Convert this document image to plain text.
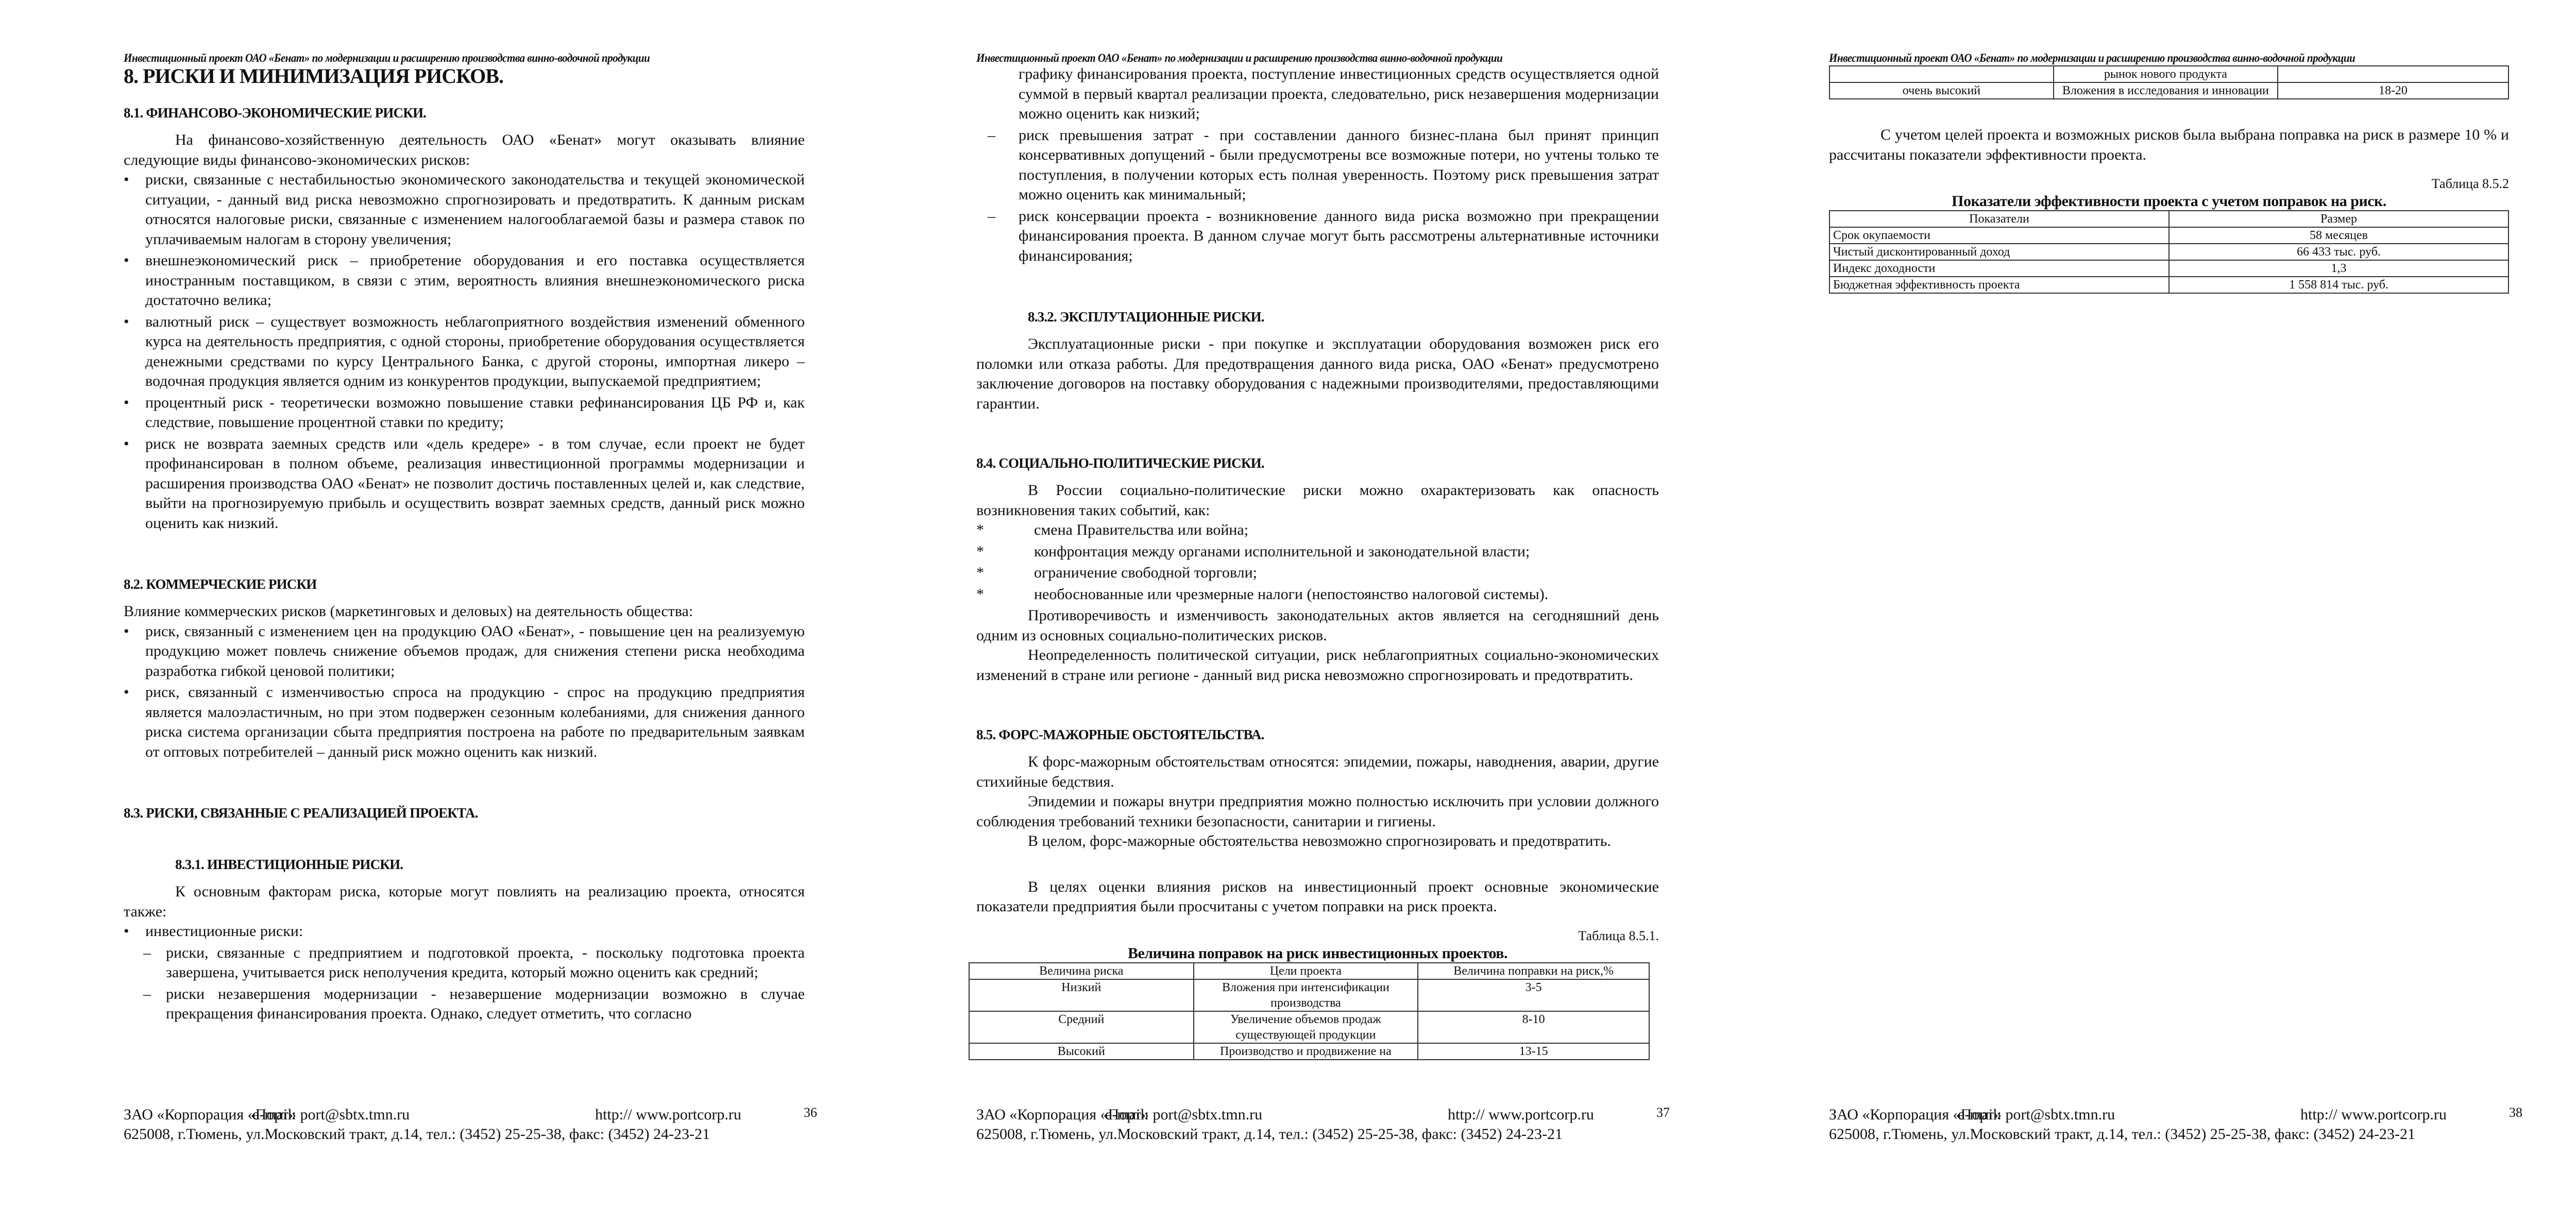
Инвестиционный проект ОАО «Бенат» по модернизации и расширению производства винно-водочной продукции
8. РИСКИ И МИНИМИЗАЦИЯ РИСКОВ.
8.1. ФИНАНСОВО-ЭКОНОМИЧЕСКИЕ РИСКИ.

На финансово-хозяйственную деятельность ОАО «Бенат» могут оказывать влияние следующие виды финансово-экономических рисков:

•	риски, связанные с нестабильностью экономического законодательства и текущей экономической ситуации, - данный вид риска невозможно спрогнозировать и предотвратить. К данным рискам относятся налоговые риски, связанные с изменением налогооблагаемой базы и размера ставок по уплачиваемым налогам в сторону увеличения;
•	внешнеэкономический риск – приобретение оборудования и его поставка осуществляется иностранным поставщиком, в связи с этим, вероятность влияния внешнеэкономического риска достаточно велика;
•	валютный риск – существует возможность неблагоприятного воздействия изменений обменного курса на деятельность предприятия, с одной стороны, приобретение оборудования осуществляется денежными средствами по курсу Центрального Банка, с другой стороны, импортная ликеро – водочная продукция является одним из конкурентов продукции, выпускаемой предприятием;
•	процентный риск - теоретически возможно повышение ставки рефинансирования ЦБ РФ и, как следствие, повышение процентной ставки по кредиту;
•	риск не возврата заемных средств или «дель кредере» - в том случае, если проект не будет профинансирован в полном объеме, реализация инвестиционной программы модернизации и расширения производства ОАО «Бенат» не позволит достичь поставленных целей и, как следствие, выйти на прогнозируемую прибыль и осуществить возврат заемных средств, данный риск можно оценить как низкий.
8.2. КОММЕРЧЕСКИЕ РИСКИ

Влияние коммерческих рисков (маркетинговых и деловых) на деятельность общества:

•	риск, связанный с изменением цен на продукцию ОАО «Бенат», - повышение цен на реализуемую продукцию может повлечь снижение объемов продаж, для снижения степени риска необходима разработка гибкой ценовой политики;
•	риск, связанный с изменчивостью спроса на продукцию - спрос на продукцию предприятия является малоэластичным, но при этом подвержен сезонным колебаниями, для снижения данного риска система организации сбыта предприятия построена на работе по предварительным заявкам от оптовых потребителей – данный риск можно оценить как низкий.
8.3. РИСКИ, СВЯЗАННЫЕ С РЕАЛИЗАЦИЕЙ ПРОЕКТА.
8.3.1. ИНВЕСТИЦИОННЫЕ РИСКИ.

К основным факторам риска, которые могут повлиять на реализацию проекта, относятся также:

•	инвестиционные риски:
– риски, связанные с предприятием и подготовкой проекта, - поскольку подготовка проекта завершена, учитывается риск неполучения кредита, который можно оценить как средний;
– риски незавершения модернизации - незавершение модернизации возможно в случае прекращения финансирования проекта. Однако, следует отметить, что согласно
ЗАО «Корпорация «Порт»
e-mail: port@sbtx.tmn.ru	http:// www.portcorp.ru	36
625008, г.Тюмень, ул.Московский тракт, д.14, тел.: (3452) 25-25-38, факс: (3452) 24-23-21
Инвестиционный проект ОАО «Бенат» по модернизации и расширению производства винно-водочной продукции

графику финансирования проекта, поступление инвестиционных средств осуществляется одной суммой в первый квартал реализации проекта, следовательно, риск незавершения модернизации можно оценить как низкий;

–	риск превышения затрат - при составлении данного бизнес-плана был принят принцип консервативных допущений - были предусмотрены все возможные потери, но учтены только те поступления, в получении которых есть полная уверенность. Поэтому риск превышения затрат можно оценить как минимальный;
–	риск консервации проекта - возникновение данного вида риска возможно при прекращении финансирования проекта. В данном случае могут быть рассмотрены альтернативные источники финансирования;
8.3.2. ЭКСПЛУТАЦИОННЫЕ РИСКИ.

Эксплуатационные риски - при покупке и эксплуатации оборудования возможен риск его поломки или отказа работы. Для предотвращения данного вида риска, ОАО «Бенат» предусмотрено заключение договоров на поставку оборудования с надежными производителями, предоставляющими гарантии.

8.4. СОЦИАЛЬНО-ПОЛИТИЧЕСКИЕ РИСКИ.

В России социально-политические риски можно охарактеризовать как опасность возникновения таких событий, как:

*	смена Правительства или война;
*	конфронтация между органами исполнительной и законодательной власти;
*	ограничение свободной торговли;
*	необоснованные или чрезмерные налоги (непостоянство налоговой системы).

Противоречивость и изменчивость законодательных актов является на сегодняшний день одним из основных социально-политических рисков.

Неопределенность политической ситуации, риск неблагоприятных социально-экономических изменений в стране или регионе - данный вид риска невозможно спрогнозировать и предотвратить.

8.5. ФОРС-МАЖОРНЫЕ ОБСТОЯТЕЛЬСТВА.

К форс-мажорным обстоятельствам относятся: эпидемии, пожары, наводнения, аварии, другие стихийные бедствия.

Эпидемии и пожары внутри предприятия можно полностью исключить при условии должного соблюдения требований техники безопасности, санитарии и гигиены.

В целом, форс-мажорные обстоятельства невозможно спрогнозировать и предотвратить.

В целях оценки влияния рисков на инвестиционный проект основные экономические показатели предприятия были просчитаны с учетом поправки на риск проекта.

Таблица 8.5.1.
Величина поправок на риск инвестиционных проектов.
Величина риска	Цели проекта	Величина поправки на риск,%
Низкий	Вложения при интенсификации производства	3-5
Средний	Увеличение объемов продаж существующей продукции	8-10
Высокий	Производство и продвижение на	13-15
ЗАО «Корпорация «Порт»
e-mail: port@sbtx.tmn.ru	http:// www.portcorp.ru	37
625008, г.Тюмень, ул.Московский тракт, д.14, тел.: (3452) 25-25-38, факс: (3452) 24-23-21
Инвестиционный проект ОАО «Бенат» по модернизации и расширению производства винно-водочной продукции
	рынок нового продукта	
очень высокий	Вложения в исследования и инновации	18-20

С учетом целей проекта и возможных рисков была выбрана поправка на риск в размере 10 % и рассчитаны показатели эффективности проекта.

Таблица 8.5.2
Показатели эффективности проекта с учетом поправок на риск.
Показатели	Размер
Срок окупаемости	58 месяцев
Чистый дисконтированный доход	66 433 тыс. руб.
Индекс доходности	1,3
Бюджетная эффективность проекта	1 558 814 тыс. руб.
ЗАО «Корпорация «Порт»
e-mail: port@sbtx.tmn.ru	http:// www.portcorp.ru	38
625008, г.Тюмень, ул.Московский тракт, д.14, тел.: (3452) 25-25-38, факс: (3452) 24-23-21
